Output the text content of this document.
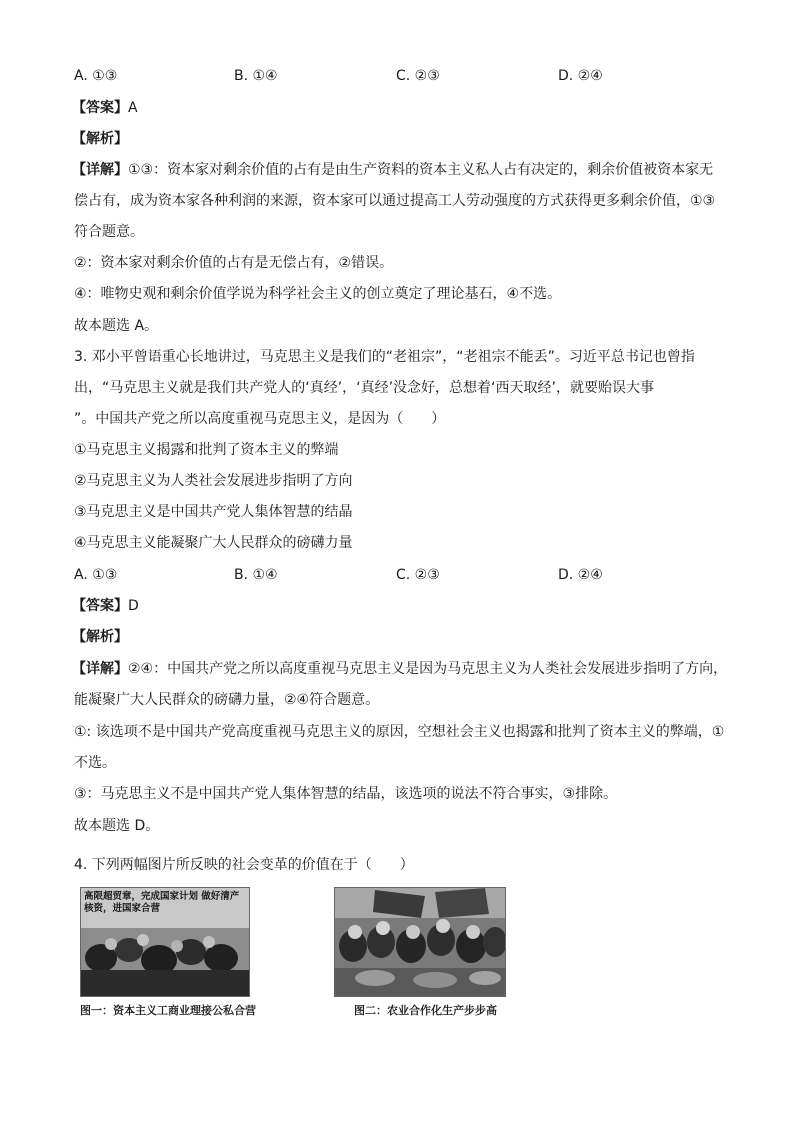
A. ①③	B. ①④	C. ②③	D. ②④
【答案】A
【解析】
【详解】①③：资本家对剩余价值的占有是由生产资料的资本主义私人占有决定的，剩余价值被资本家无
偿占有，成为资本家各种利润的来源，资本家可以通过提高工人劳动强度的方式获得更多剩余价值，①③
符合题意。
②：资本家对剩余价值的占有是无偿占有，②错误。
④：唯物史观和剩余价值学说为科学社会主义的创立奠定了理论基石，④不选。
故本题选 A。
3. 邓小平曾语重心长地讲过，马克思主义是我们的“老祖宗”，“老祖宗不能丢”。习近平总书记也曾指
出，“马克思主义就是我们共产党人的‘真经’，‘真经’没念好，总想着‘西天取经’，就要贻误大事
”。中国共产党之所以高度重视马克思主义，是因为（　　）
①马克思主义揭露和批判了资本主义的弊端
②马克思主义为人类社会发展进步指明了方向
③马克思主义是中国共产党人集体智慧的结晶
④马克思主义能凝聚广大人民群众的磅礴力量
A. ①③	B. ①④	C. ②③	D. ②④
【答案】D
【解析】
【详解】②④：中国共产党之所以高度重视马克思主义是因为马克思主义为人类社会发展进步指明了方向，
能凝聚广大人民群众的磅礴力量，②④符合题意。
①: 该选项不是中国共产党高度重视马克思主义的原因，空想社会主义也揭露和批判了资本主义的弊端，①
不选。
③：马克思主义不是中国共产党人集体智慧的结晶，该选项的说法不符合事实，③排除。
故本题选 D。
4. 下列两幅图片所反映的社会变革的价值在于（　　）
高限超贸章，完成国家计划 做好清产核资，进国家合营
图一：资本主义工商业理接公私合营	图二：农业合作化生产步步高
